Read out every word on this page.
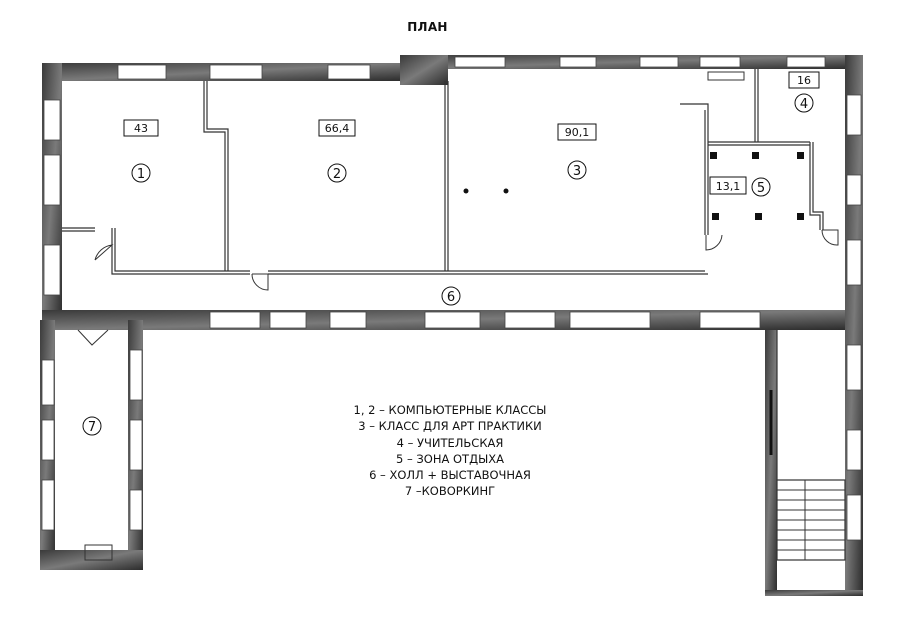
ПЛАН
43	66,4	90,1
16
13,1
1	2	3
4
5
6
7
1, 2 – КОМПЬЮТЕРНЫЕ КЛАССЫ
3 – КЛАСС ДЛЯ АРТ ПРАКТИКИ
4 – УЧИТЕЛЬСКАЯ
5 – ЗОНА ОТДЫХА
6 – ХОЛЛ + ВЫСТАВОЧНАЯ
7 –КОВОРКИНГ
